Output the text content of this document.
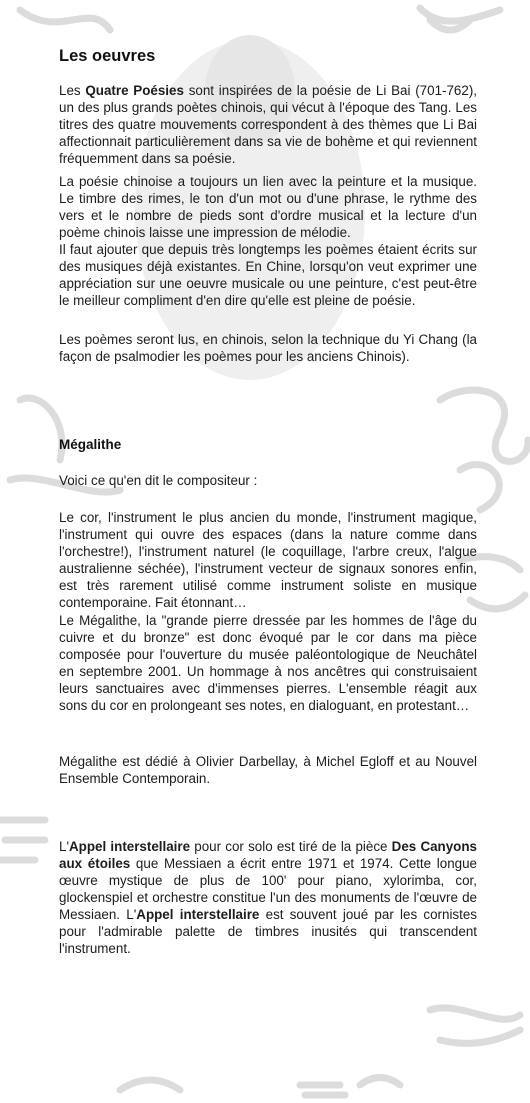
Les oeuvres

Les Quatre Poésies sont inspirées de la poésie de Li Bai (701-762), un des plus grands poètes chinois, qui vécut à l'époque des Tang. Les titres des quatre mouvements correspondent à des thèmes que Li Bai affectionnait particulièrement dans sa vie de bohème et qui reviennent fréquemment dans sa poésie.

La poésie chinoise a toujours un lien avec la peinture et la musique. Le timbre des rimes, le ton d'un mot ou d'une phrase, le rythme des vers et le nombre de pieds sont d'ordre musical et la lecture d'un poème chinois laisse une impression de mélodie.

Il faut ajouter que depuis très longtemps les poèmes étaient écrits sur des musiques déjà existantes. En Chine, lorsqu'on veut exprimer une appréciation sur une oeuvre musicale ou une peinture, c'est peut-être le meilleur compliment d'en dire qu'elle est pleine de poésie.

Les poèmes seront lus, en chinois, selon la technique du Yi Chang (la façon de psalmodier les poèmes pour les anciens Chinois).

Mégalithe

Voici ce qu'en dit le compositeur :

Le cor, l'instrument le plus ancien du monde, l'instrument magique, l'instrument qui ouvre des espaces (dans la nature comme dans l'orchestre!), l'instrument naturel (le coquillage, l'arbre creux, l'algue australienne séchée), l'instrument vecteur de signaux sonores enfin, est très rarement utilisé comme instrument soliste en musique contemporaine. Fait étonnant…

Le Mégalithe, la "grande pierre dressée par les hommes de l'âge du cuivre et du bronze" est donc évoqué par le cor dans ma pièce composée pour l'ouverture du musée paléontologique de Neuchâtel en septembre 2001. Un hommage à nos ancêtres qui construisaient leurs sanctuaires avec d'immenses pierres. L'ensemble réagit aux sons du cor en prolongeant ses notes, en dialoguant, en protestant…

Mégalithe est dédié à Olivier Darbellay, à Michel Egloff et au Nouvel Ensemble Contemporain.

L'Appel interstellaire pour cor solo est tiré de la pièce Des Canyons aux étoiles que Messiaen a écrit entre 1971 et 1974. Cette longue œuvre mystique de plus de 100' pour piano, xylorimba, cor, glockenspiel et orchestre constitue l'un des monuments de l'œuvre de Messiaen. L'Appel interstellaire est souvent joué par les cornistes pour l'admirable palette de timbres inusités qui transcendent l'instrument.
